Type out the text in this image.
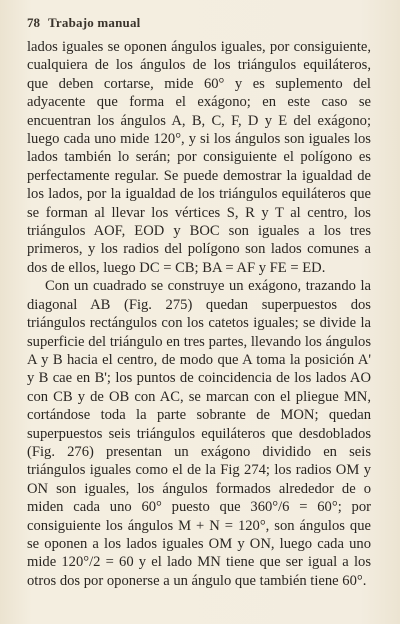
78 Trabajo manual

lados iguales se oponen ángulos iguales, por consiguiente, cualquiera de los ángulos de los triángulos equiláteros, que deben cortarse, mide 60° y es suplemento del adyacente que forma el exágono; en este caso se encuentran los ángulos A, B, C, F, D y E del exágono; luego cada uno mide 120°, y si los ángulos son iguales los lados también lo serán; por consiguiente el polígono es perfectamente regular. Se puede demostrar la igualdad de los lados, por la igualdad de los triángulos equiláteros que se forman al llevar los vértices S, R y T al centro, los triángulos AOF, EOD y BOC son iguales a los tres primeros, y los radios del polígono son lados comunes a dos de ellos, luego DC = CB; BA = AF y FE = ED.

Con un cuadrado se construye un exágono, trazando la diagonal AB (Fig. 275) quedan superpuestos dos triángulos rectángulos con los catetos iguales; se divide la superficie del triángulo en tres partes, llevando los ángulos A y B hacia el centro, de modo que A toma la posición A' y B cae en B'; los puntos de coincidencia de los lados AO con CB y de OB con AC, se marcan con el pliegue MN, cortándose toda la parte sobrante de MON; quedan superpuestos seis triángulos equiláteros que desdoblados (Fig. 276) presentan un exágono dividido en seis triángulos iguales como el de la Fig 274; los radios OM y ON son iguales, los ángulos formados alrededor de o miden cada uno 60° puesto que 360°/6 = 60°; por consiguiente los ángulos M + N = 120°, son ángulos que se oponen a los lados iguales OM y ON, luego cada uno mide 120°/2 = 60 y el lado MN tiene que ser igual a los otros dos por oponerse a un ángulo que también tiene 60°.
